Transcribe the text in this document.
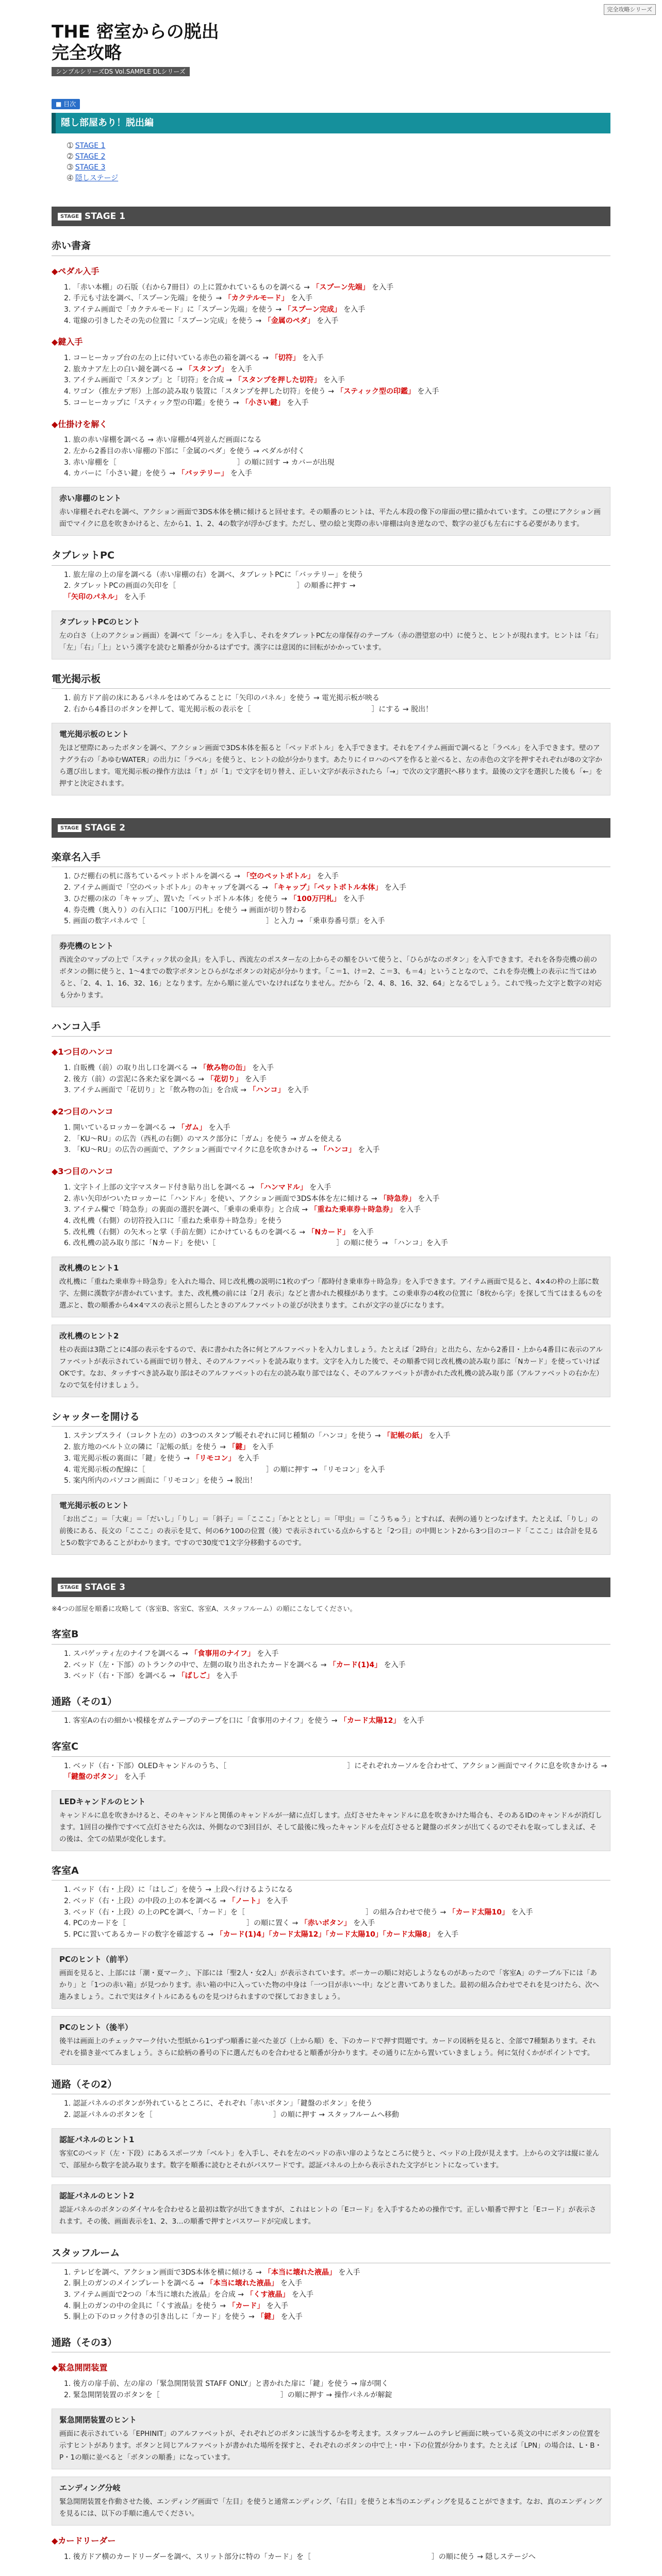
完全攻略シリーズ
THE 密室からの脱出
完全攻略
シンプルシリーズDS Vol.SAMPLE DLシリーズ
■ 目次
隠し部屋あり！脱出編
➀ STAGE 1
➁ STAGE 2
➂ STAGE 3
➃ 隠しステージ
STAGE STAGE 1
赤い書斎
◆ ペダル入手
1. 「赤い本棚」の石版（右から7冊目）の上に置かれているものを調べる → 「スプーン先端」 を入手
2. 手元も寸法を調べ、「スプーン先端」を使う → 「カクテルモード」 を入手
3. アイテム画面で「カクテルモード」に「スプーン先端」を使う → 「スプーン完成」 を入手
4. 電線の引きしたその先の位置に「スプーン完成」を使う → 「金属のペダ」 を入手
◆ 鍵入手
1. コーヒーカップ台の左の上に付いている赤色の箱を調べる → 「切符」 を入手
2. 旅カナア左上の白い鏡を調べる → 「スタンプ」 を入手
3. アイテム画面で「スタンプ」と「切符」を合成 → 「スタンプを押した切符」 を入手
4. ワゴン（推左テブ形）上部の読み取り装置に「スタンプを押した切符」を使う → 「スティック型の印鑑」 を入手
5. コーヒーカップに「スティック型の印鑑」を使う → 「小さい鍵」 を入手
◆ 仕掛けを解く
1. 旅の赤い扉棚を調べる → 赤い扉棚が4列並んだ画面になる
2. 左から2番目の赤い扉棚の下部に「金属のペダ」を使う → ペダルが付く
3. 赤い扉棚を［	　］の順に回す → カバーが出現
4. カバーに「小さい鍵」を使う → 「バッテリー」 を入手
赤い扉棚のヒント
赤い扉棚それぞれを調べ、アクション画面で3DS本体を横に傾けると回せます。その順番のヒントは、平たん本段の像下の扉面の壁に描かれています。この壁にアクション画面でマイクに息を吹きかけると、左から1、1、2、4の数字が浮かびます。ただし、壁の絵と実際の赤い扉棚は向き逆なので、数字の並びも左右にする必要があります。
タブレットPC
1. 旅左扉の上の扉を調べる（赤い扉棚の右）を調べ、タブレットPCに「バッテリー」を使う
2. タブレットPCの画面の矢印を［	　］の順番に押す →
「矢印のパネル」 を入手
タブレットPCのヒント
左の白さ（上のアクション画面）を調べて「シール」を入手し、それをタブレットPC左の扉保存のテーブル（赤の潜望窓の中）に使うと、ヒントが現れます。ヒントは「右」「左」「右」「上」という漢字を読むと順番が分かるはずです。漢字には意図的に回転がかかっています。
電光掲示板
1. 前方ドア前の床にあるパネルをはめてみることに「矢印のパネル」を使う → 電光掲示板が映る
2. 右から4番目のボタンを押して、電光掲示板の表示を［	　］にする → 脱出！
電光掲示板のヒント
先ほど壁際にあったボタンを調べ、アクション画面で3DS本体を振ると「ベッドボトル」を入手できます。それをアイテム画面で調べると「ラベル」を入手できます。壁のアナグラ右の「あゆむWATER」の出力に「ラベル」を使うと、ヒントの絵が分かります。あたりにイロハのペアを作ると並べると、左の赤色の文字を押すそれぞれが8の文字から選び出します。電光掲示板の操作方法は「↑」が「1」で文字を切り替え、正しい文字が表示されたら「→」で次の文字選択へ移ります。最後の文字を選択した後も「←」を押すと決定されます。
STAGE STAGE 2
楽章名入手
1. ひだ棚右の机に落ちているペットボトルを調べる → 「空のペットボトル」 を入手
2. アイテム画面で「空のペットボトル」のキャップを調べる → 「キャップ」「ペットボトル本体」 を入手
3. ひだ棚の床の「キャップ」、置いた「ペットボトル本体」を使う → 「100万円札」 を入手
4. 券売機（奥入り）の右入口に「100万円札」を使う → 画面が切り替わる
5. 画面の数字パネルで［	　］と入力 → 「乗車券番号票」を入手
券売機のヒント
西流全のマップの上で「スティック状の金具」を入手し、西流左のポスター左の上からその額をひいて使うと、「ひらがなのボタン」を入手できます。それを各券売機の前のボタンの側に使うと、1〜4までの数字ボタンとひらがなボタンの対応が分かります。「こ＝1、け＝2、こ＝3、も＝4」ということなので、これを券売機上の表示に当てはめると、「2、4、1、16、32、16」となります。左から順に並んでいなければなりません。だから「2、4、8、16、32、64」となるでしょう。これで残った文字と数字の対応も分かります。
ハンコ入手
◆ 1つ目のハンコ
1. 自販機（前）の取り出し口を調べる → 「飲み物の缶」 を入手
2. 後方（前）の雲泥に各来た家を調べる → 「花切り」 を入手
3. アイテム画面で「花切り」と「飲み物の缶」を合成 → 「ハンコ」 を入手
◆ 2つ目のハンコ
1. 開いているロッカーを調べる → 「ガム」 を入手
2. 「KU〜RU」の広告（西札の右側）のマスク部分に「ガム」を使う → ガムを使える
3. 「KU〜RU」の広告の画面で、アクション画面でマイクに息を吹きかける → 「ハンコ」 を入手
◆ 3つ目のハンコ
1. 文字トイ上部の文字マスタード付き貼り出しを調べる → 「ハンマドル」 を入手
2. 赤い矢印がついたロッカーに「ハンドル」を使い、アクション画面で3DS本体を左に傾ける → 「時急券」 を入手
3. アイテム欄で「時急券」の裏面の選択を調べ、「乗車の乗車券」と合成 → 「重ねた乗車券＋時急券」 を入手
4. 改札機（右側）の切符投入口に「重ねた乗車券＋時急券」を使う
5. 改札機（右側）の矢木っと掌（手前左側）にかけているものを調べる → 「Nカード」 を入手
6. 改札機の読み取り部に「Nカード」を使い［	　］の順に使う → 「ハンコ」を入手
改札機のヒント1
改札機に「重ねた乗車券＋時急券」を入れた場合、同じ改札機の説明に1枚のずつ「都時付き乗車券＋時急券」を入手できます。アイテム画面で見ると、4×4の枠の上部に数字、左側に漢数字が書かれています。また、改札機の前には「2月 表示」などと書かれた模様があります。この乗車券の4枚の位置に「8枚から字」を探して当てはまるものを選ぶと、数の順番から4×4マスの表示と照らしたときのアルファベットの並びが決まります。これが文字の並びになります。
改札機のヒント2
柱の表面は3階ごとに4部の表示をするので、表に書かれた各に何とアルファベットを入力しましょう。たとえば「2時台」と出たら、左から2番目・上から4番目に表示のアルファベットが表示されている画面で切り替え、そのアルファベットを読み取ります。文字を入力した後で、その順番で同じ改札機の読み取り部に「Nカード」を使っていけばOKです。なお、タッチすべき読み取り部はそのアルファベットの右左の読み取り部ではなく、そのアルファベットが書かれた改札機の読み取り部（アルファベットの右か左）なので気を付けましょう。
シャッターを開ける
1. ステンプスライ（コレクト左の）の3つのスタンプ帳それぞれに同じ種類の「ハンコ」を使う → 「記帳の紙」 を入手
2. 旅方地のベルト立の隣に「記帳の紙」を使う → 「鍵」 を入手
3. 電光掲示板の裏面に「鍵」を使う → 「リモコン」 を入手
4. 電光掲示板の配線に［	　］の順に押す → 「リモコン」を入手
5. 案内所内のパソコン画面に「リモコン」を使う → 脱出！
電光掲示板のヒント
「お出ごこ」＝「大東」＝「だいし」「りし」＝「斜子」＝「こここ」「かとととし」＝「甲虫」＝「こうちゅう」とすれば、表例の通りとつなげます。たとえば、「りし」の前後にある、長文の「こここ」の表示を見て、何の6ケ100の位置（後）で表示されている点からすると「2つ目」の中間ヒント2から3つ目のコード「こここ」は合計を見ると5の数字であることがわかります。ですので30度で1文字分移動するのです。
STAGE STAGE 3
※4つの部屋を順番に攻略して（客室B、客室C、客室A、スタッフルーム）の順にこなしてください。
客室B
1. スパゲッティ左のナイフを調べる → 「食事用のナイフ」 を入手
2. ベッド（左・下部）のトランクの中で、左側の取り出されたカードを調べる → 「カード(1)4」 を入手
3. ベッド（右・下部）を調べる → 「ばしご」 を入手
通路（その1）
1. 客室Aの右の細かい模様をガムテープのテープを口に「食事用のナイフ」を使う → 「カード太陽12」 を入手
客室C
1. ベッド（右・下部）OLEDキャンドルのうち、［	　］にそれぞれカーソルを合わせて、アクション画面でマイクに息を吹きかける → 「鍵盤のボタン」 を入手
LEDキャンドルのヒント
キャンドルに息を吹きかけると、そのキャンドルと関係のキャンドルが一緒に点灯します。点灯させたキャンドルに息を吹きかけた場合も、そのあるIDのキャンドルが消灯します。1回目の操作ですべて点灯させたら次は、外側なので3回目が、そして最後に残ったキャンドルを点灯させると鍵盤のボタンが出てくるのでそれを取ってしまえば、その後は、全ての結果が変化します。
客室A
1. ベッド（右・上段）に「はしご」を使う → 上段へ行けるようになる
2. ベッド（右・上段）の中段の上の本を調べる → 「ノート」 を入手
3. ベッド（右・上段）の上のPCを調べ、「カード」を［	　］の組み合わせで使う → 「カード太陽10」 を入手
4. PCのカードを［	　］の順に置く → 「赤いボタン」 を入手
5. PCに置いてあるカードの数字を確認する → 「カード(1)4」「カード太陽12」「カード太陽10」「カード太陽8」 を入手
PCのヒント（前半）
画面を見ると、上部には「潮・夏マーク」、下部には「聖2人・女2人」が表示されています。ボーカーの順に対応しようなものがあったので「客室A」のテーブル下には「あかり」と「1つの赤い箱」が見つかります。赤い箱の中に入っていた物の中身は「一つ目が赤い〜中」などと書いてありました。最初の組み合わせでそれを見つけたら、次へ進みましょう。これで実はタイトルにあるものを見つけられますので探しておきましょう。
PCのヒント（後半）
後半は画面上のチェックマーク付いた型紙から1つずつ順番に並べた並び（上から順）を、下のカードで押す問題です。カードの図柄を見ると、全部で7種類あります。それぞれを描き並べてみましょう。さらに絵柄の番号の下に選んだものを合わせると順番が分かります。その通りに左から置いていきましょう。何に気付くかがポイントです。
通路（その2）
1. 認証パネルのボタンが外れているところに、それぞれ「赤いボタン」「鍵盤のボタン」を使う
2. 認証パネルのボタンを［	　］の順に押す → スタッフルームへ移動
認証パネルのヒント1
客室Cのベッド（左・下段）にあるスポーツカ「ベルト」を入手し、それを左のベッドの赤い扉のようなところに使うと、ベッドの上段が見えます。上からの文字は縦に並んで、部屋から数字を読み取ります。数字を順番に読むとそれがパスワードです。認証パネルの上から表示された文字がヒントになっています。
認証パネルのヒント2
認証パネルのボタンのダイヤルを合わせると最初は数字が出てきますが、これはヒントの「Eコード」を入手するための操作です。正しい順番で押すと「Eコード」が表示されます。その後、画面表示を1、2、3…の順番で押すとパスワードが完成します。
スタッフルーム
1. テレビを調べ、アクション画面で3DS本体を横に傾ける → 「本当に壊れた液晶」 を入手
2. 胴上のガンのメインプレートを調べる → 「本当に壊れた液晶」 を入手
3. アイテム画面で2つの「本当に壊れた液晶」を合成 → 「くす液晶」 を入手
4. 胴上のガンの中の金具に「くす液晶」を使う → 「カード」 を入手
5. 胴上の下のロック付きの引き出しに「カード」を使う → 「鍵」 を入手
通路（その3）
◆ 緊急開閉装置
1. 後方の扉手前、左の扉の「緊急開閉装置 STAFF ONLY」と書かれた扉に「鍵」を使う → 扉が開く
2. 緊急開閉装置のボタンを［	　］の順に押す → 操作パネルが解錠
緊急開閉装置のヒント
画面に表示されている「EPHINIT」のアルファベットが、それぞれどのボタンに該当するかを考えます。スタッフルームのテレビ画面に映っている英文の中にボタンの位置を示すヒントがあります。ボタンと同じアルファベットが書かれた場所を探すと、それぞれのボタンの中で上・中・下の位置が分かります。たとえば「LPN」の場合は、L・B・P・1の順に並べると「ボタンの順番」になっています。
エンディング分岐
緊急開閉装置を作動させた後、エンディング画面で「左目」を使うと通常エンディング、「右目」を使うと本当のエンディングを見ることができます。なお、真のエンディングを見るには、以下の手順に進んでください。
◆ カードリーダー
1. 後方ドア横のカードリーダーを調べ、スリット部分に特の「カード」を［	　］の順に使う → 隠しステージへ
